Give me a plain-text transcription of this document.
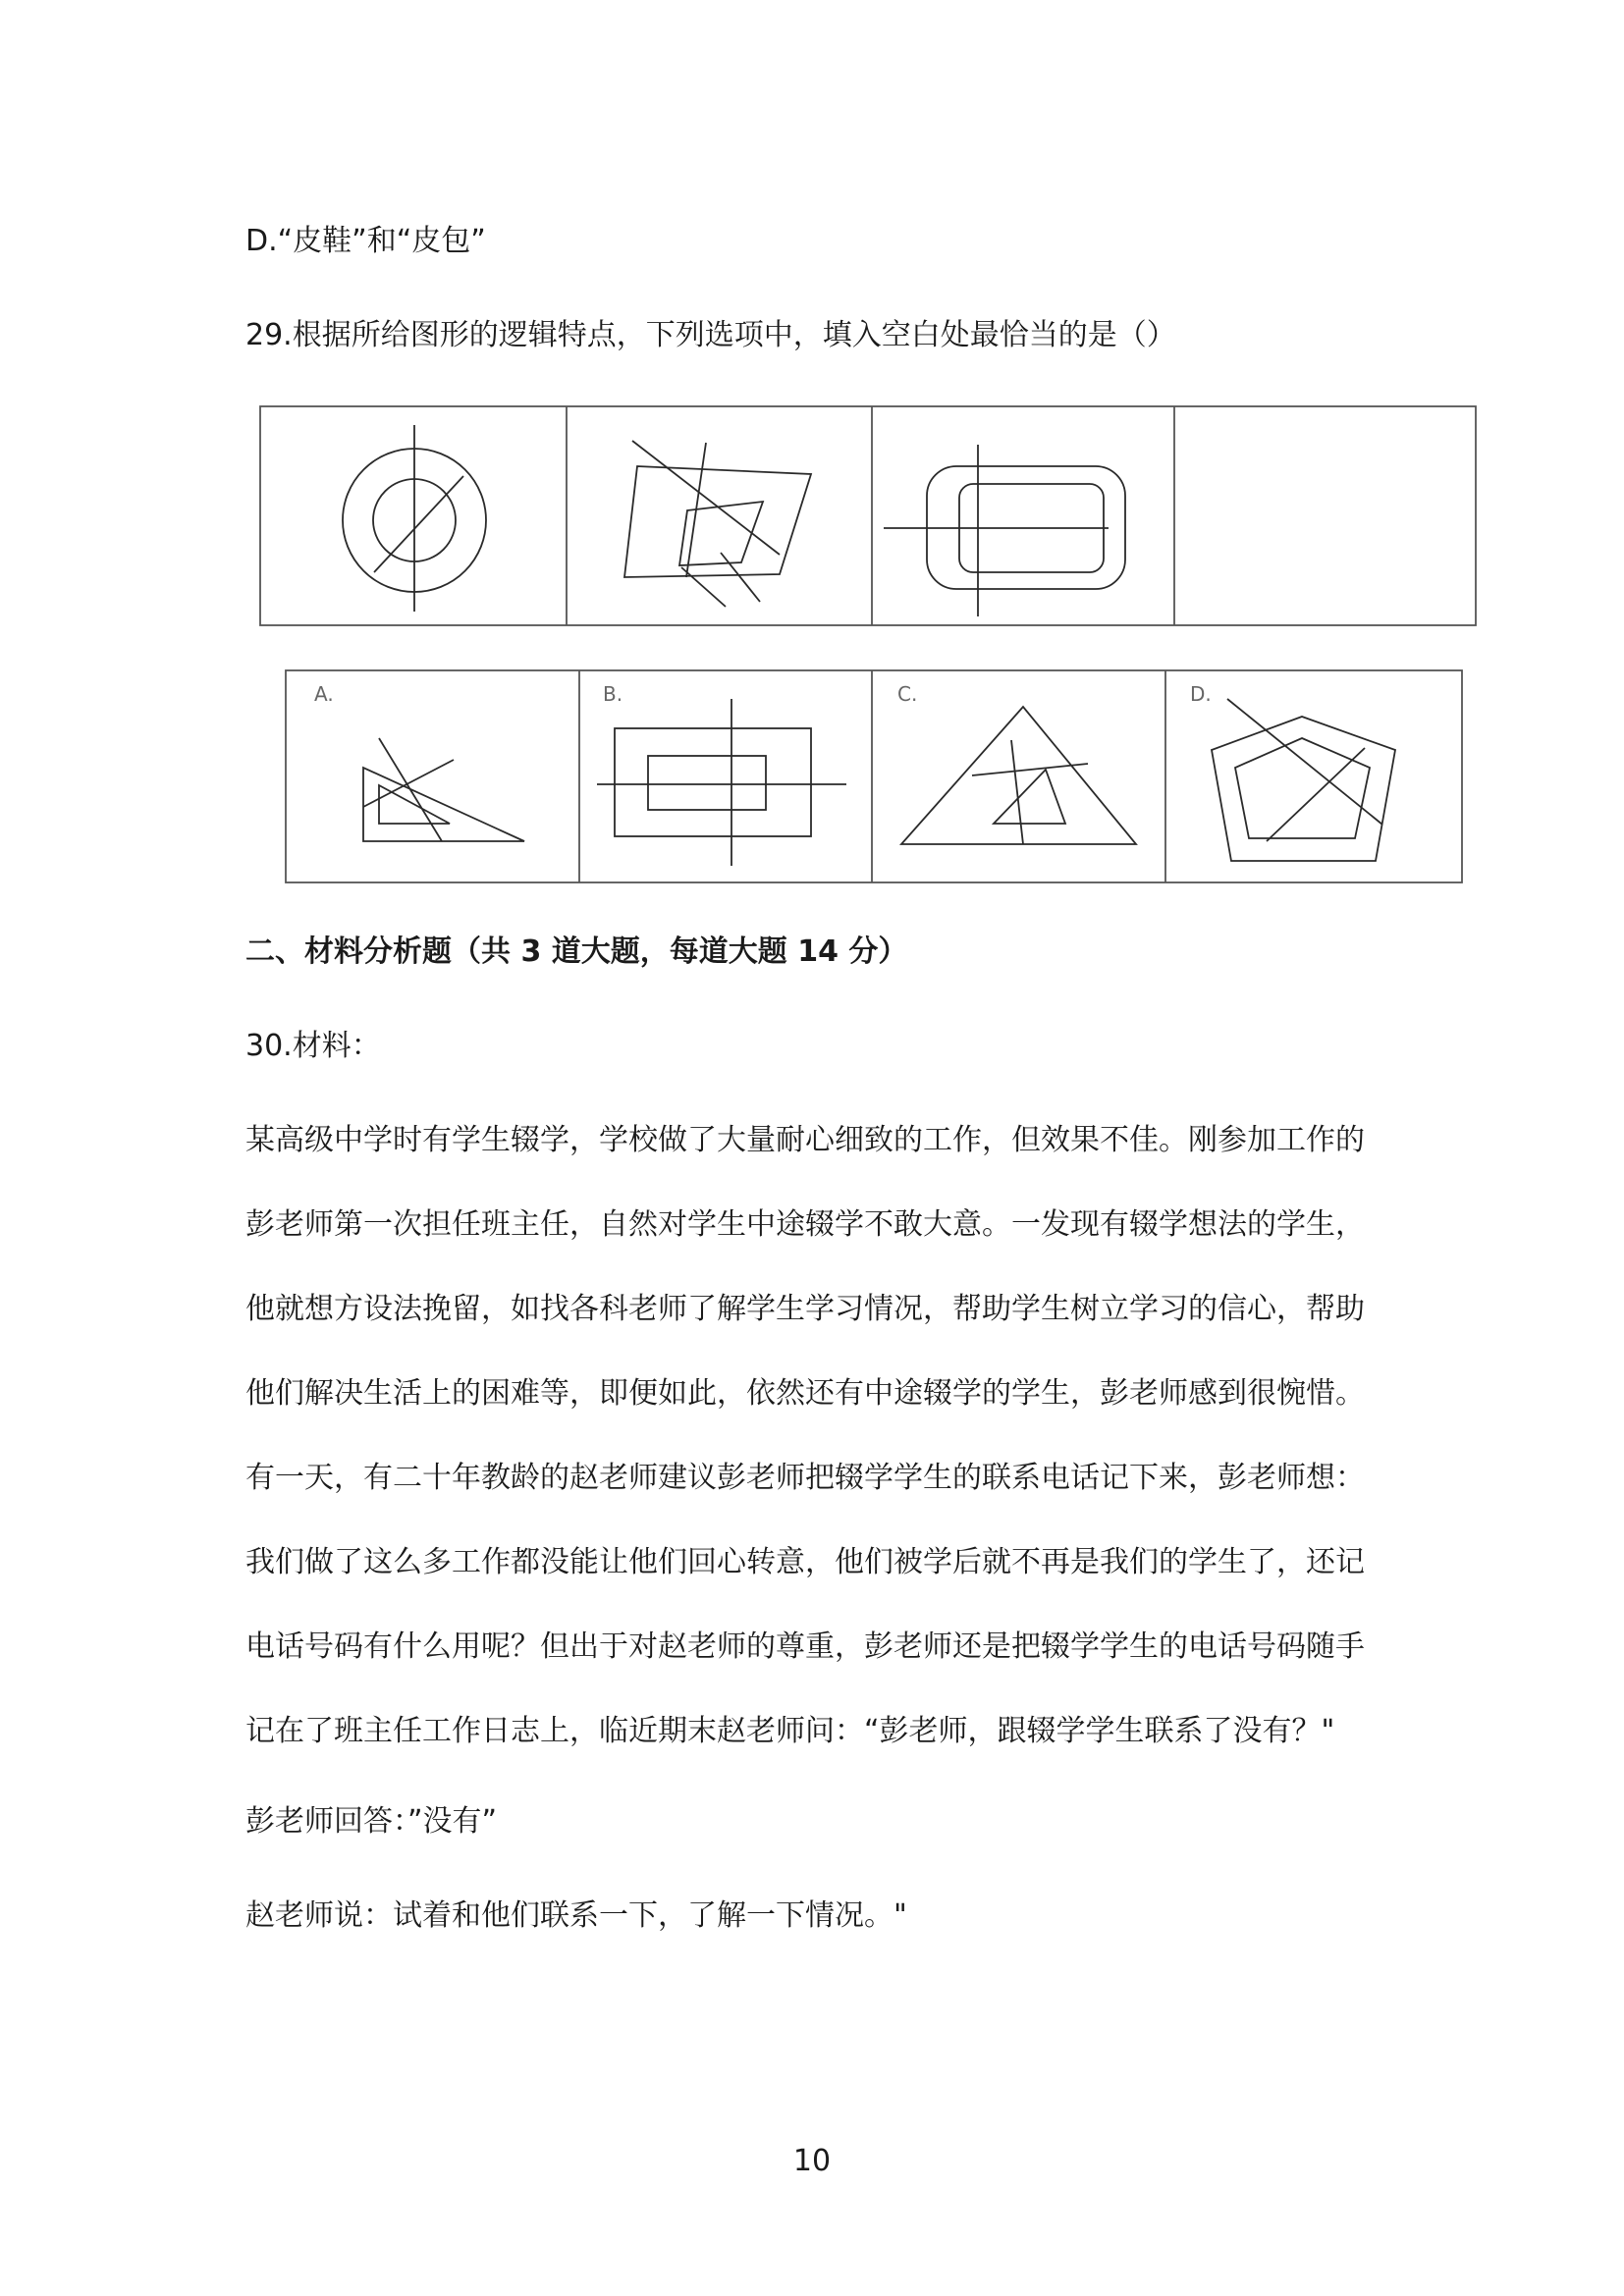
D.“皮鞋”和“皮包”
29.根据所给图形的逻辑特点，下列选项中，填入空白处最恰当的是（）
A.	B.	C.	D.
二、材料分析题（共 3 道大题，每道大题 14 分）
30.材料：
某高级中学时有学生辍学，学校做了大量耐心细致的工作，但效果不佳。刚参加工作的
彭老师第一次担任班主任，自然对学生中途辍学不敢大意。一发现有辍学想法的学生，
他就想方设法挽留，如找各科老师了解学生学习情况，帮助学生树立学习的信心，帮助
他们解决生活上的困难等，即便如此，依然还有中途辍学的学生，彭老师感到很惋惜。
有一天，有二十年教龄的赵老师建议彭老师把辍学学生的联系电话记下来，彭老师想：
我们做了这么多工作都没能让他们回心转意，他们被学后就不再是我们的学生了，还记
电话号码有什么用呢？但出于对赵老师的尊重，彭老师还是把辍学学生的电话号码随手
记在了班主任工作日志上，临近期末赵老师问：“彭老师，跟辍学学生联系了没有？"
彭老师回答：”没有”
赵老师说：试着和他们联系一下，了解一下情况。"
10
